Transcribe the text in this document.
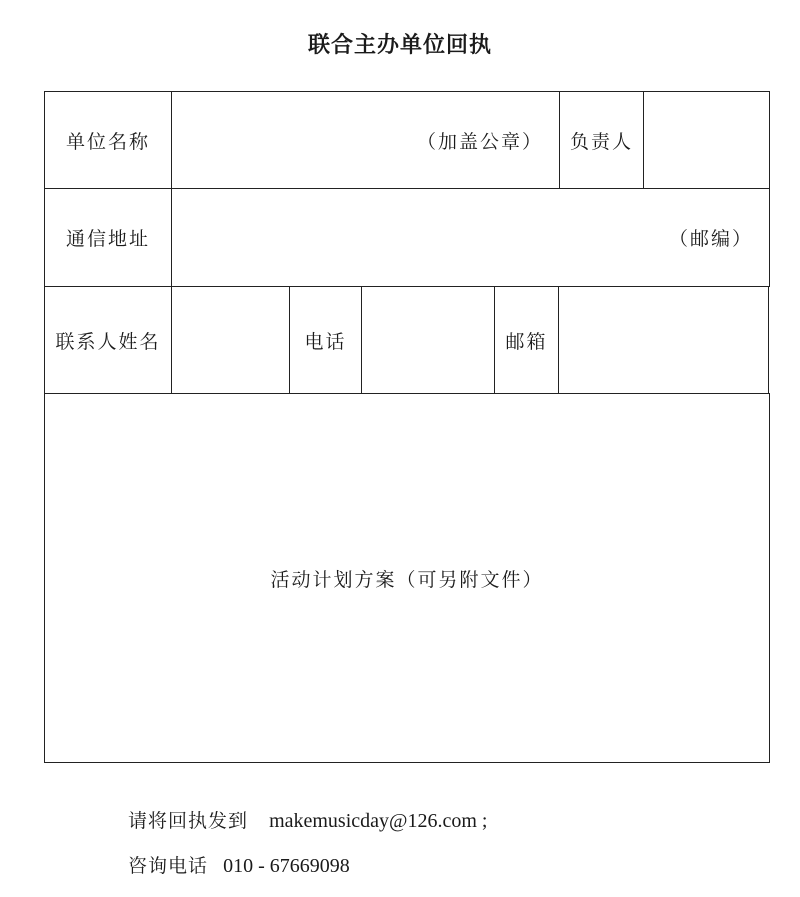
联合主办单位回执
单位名称	（加盖公章） 负责人
通信地址	（邮编）
联系人姓名	电话	邮箱
活动计划方案（可另附文件）
请将回执发到 makemusicday@126.com ;
咨询电话 010 - 67669098
